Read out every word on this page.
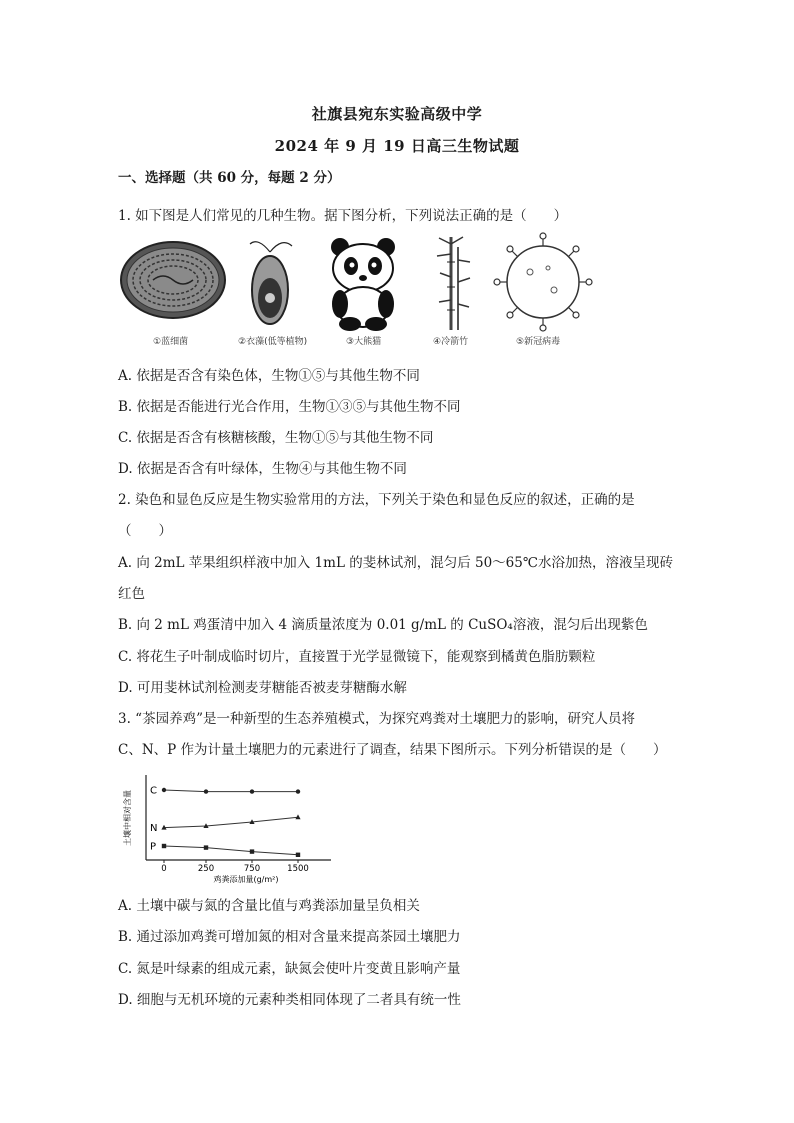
社旗县宛东实验高级中学
2024 年 9 月 19 日高三生物试题
一、选择题（共 60 分，每题 2 分）
1. 如下图是人们常见的几种生物。据下图分析，下列说法正确的是（　　）
①蓝细菌	②衣藻(低等植物)	③大熊猫	④冷箭竹	⑤新冠病毒
A. 依据是否含有染色体，生物①⑤与其他生物不同
B. 依据是否能进行光合作用，生物①③⑤与其他生物不同
C. 依据是否含有核糖核酸，生物①⑤与其他生物不同
D. 依据是否含有叶绿体，生物④与其他生物不同
2. 染色和显色反应是生物实验常用的方法，下列关于染色和显色反应的叙述，正确的是
（　　）
A. 向 2mL 苹果组织样液中加入 1mL 的斐林试剂，混匀后 50～65℃水浴加热，溶液呈现砖
红色
B. 向 2 mL 鸡蛋清中加入 4 滴质量浓度为 0.01 g/mL 的 CuSO₄溶液，混匀后出现紫色
C. 将花生子叶制成临时切片，直接置于光学显微镜下，能观察到橘黄色脂肪颗粒
D. 可用斐林试剂检测麦芽糖能否被麦芽糖酶水解
3. “茶园养鸡”是一种新型的生态养殖模式，为探究鸡粪对土壤肥力的影响，研究人员将
C、N、P 作为计量土壤肥力的元素进行了调查，结果下图所示。下列分析错误的是（　　）
土壤中相对含量
鸡粪添加量(g/m²)
0	250	750	1500
C
N
P
A. 土壤中碳与氮的含量比值与鸡粪添加量呈负相关
B. 通过添加鸡粪可增加氮的相对含量来提高茶园土壤肥力
C. 氮是叶绿素的组成元素，缺氮会使叶片变黄且影响产量
D. 细胞与无机环境的元素种类相同体现了二者具有统一性
